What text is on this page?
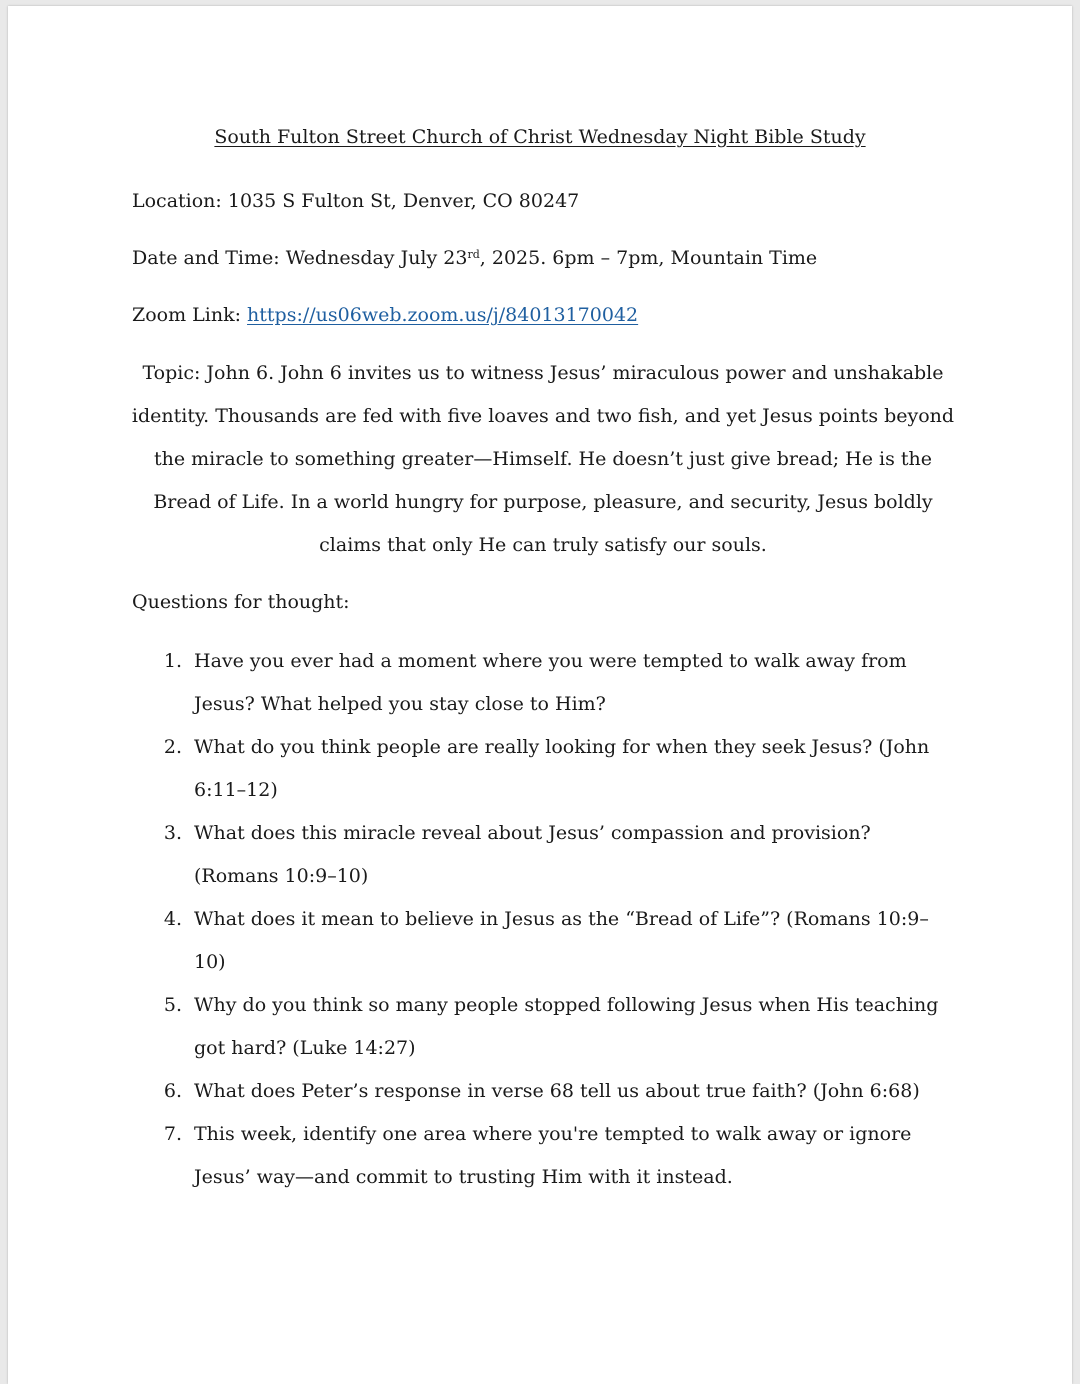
South Fulton Street Church of Christ Wednesday Night Bible Study
Location: 1035 S Fulton St, Denver, CO 80247
Date and Time: Wednesday July 23rd, 2025. 6pm – 7pm, Mountain Time
Zoom Link: https://us06web.zoom.us/j/84013170042

Topic: John 6. John 6 invites us to witness Jesus’ miraculous power and unshakable identity. Thousands are fed with five loaves and two fish, and yet Jesus points beyond the miracle to something greater—Himself. He doesn’t just give bread; He is the Bread of Life. In a world hungry for purpose, pleasure, and security, Jesus boldly claims that only He can truly satisfy our souls.

Questions for thought:
1. Have you ever had a moment where you were tempted to walk away from Jesus? What helped you stay close to Him?
2. What do you think people are really looking for when they seek Jesus? (John 6:11–12)
3. What does this miracle reveal about Jesus’ compassion and provision? (Romans 10:9–10)
4. What does it mean to believe in Jesus as the “Bread of Life”? (Romans 10:9–10)
5. Why do you think so many people stopped following Jesus when His teaching got hard? (Luke 14:27)
6. What does Peter’s response in verse 68 tell us about true faith? (John 6:68)
7. This week, identify one area where you're tempted to walk away or ignore Jesus’ way—and commit to trusting Him with it instead.
